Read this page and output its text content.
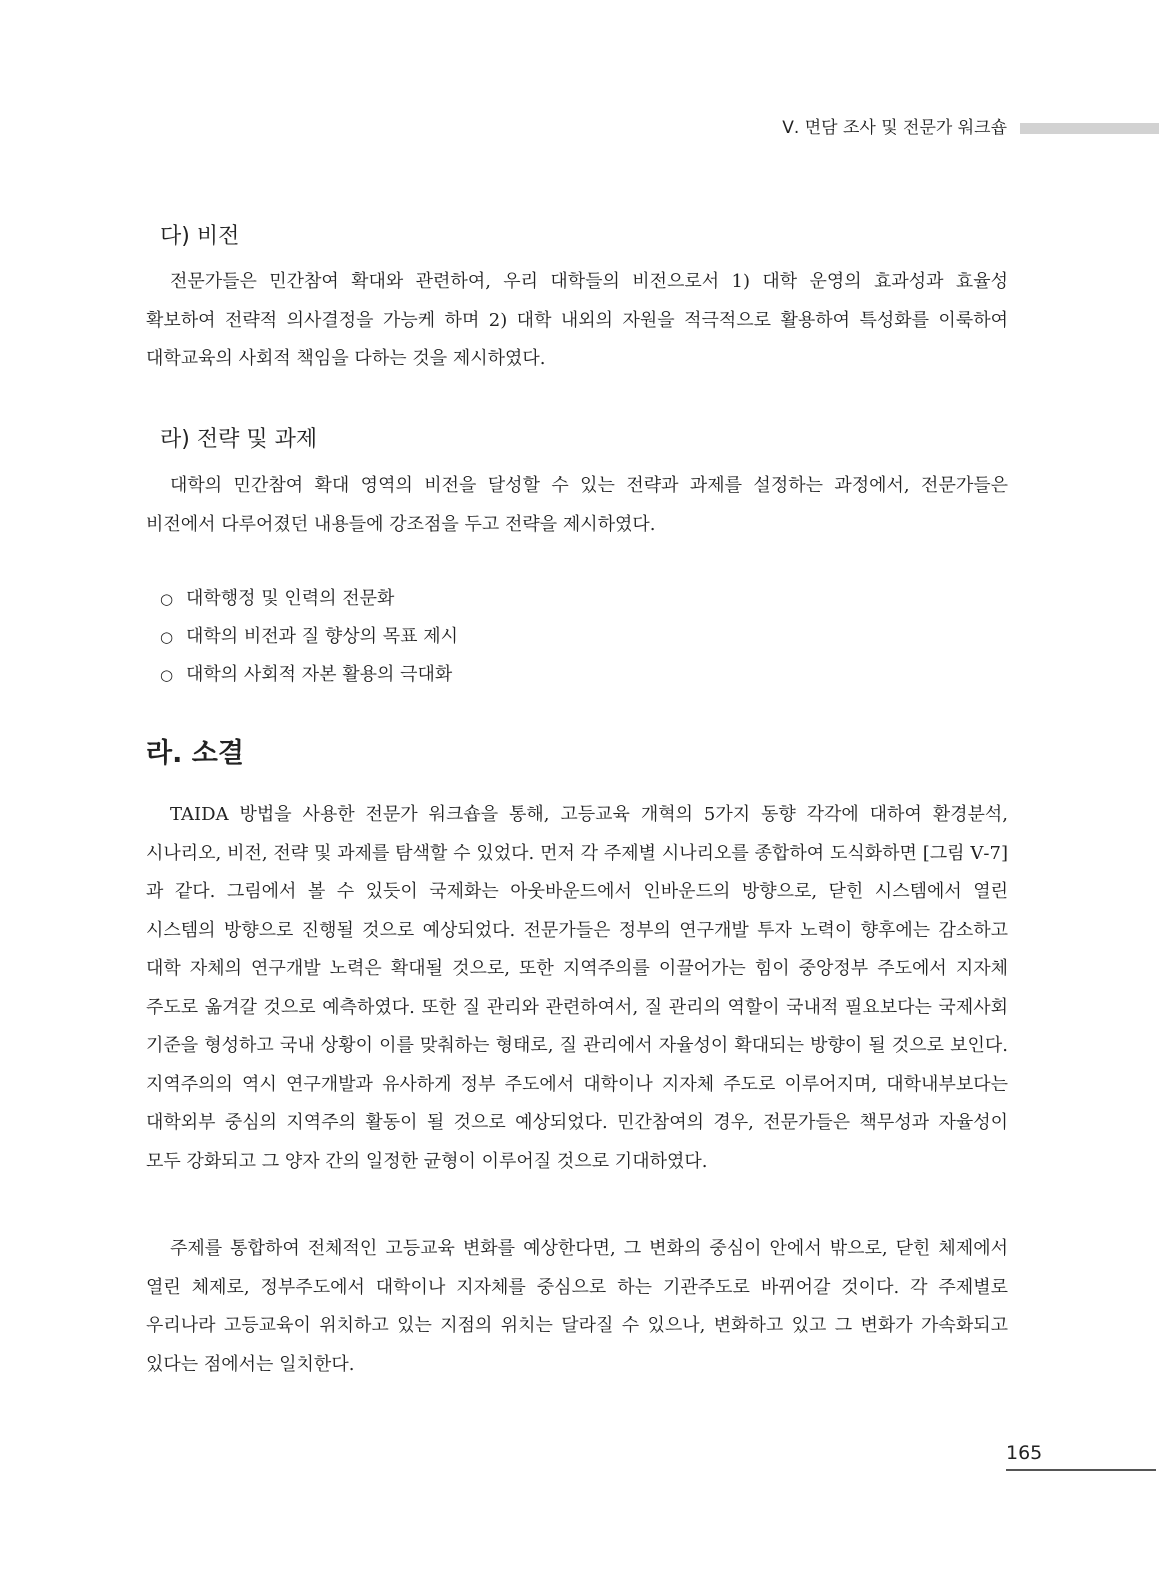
Ⅴ. 면담 조사 및 전문가 워크숍
다) 비전

전문가들은 민간참여 확대와 관련하여, 우리 대학들의 비전으로서 1) 대학 운영의 효과성과 효율성 확보하여 전략적 의사결정을 가능케 하며 2) 대학 내외의 자원을 적극적으로 활용하여 특성화를 이룩하여 대학교육의 사회적 책임을 다하는 것을 제시하였다.

라) 전략 및 과제

대학의 민간참여 확대 영역의 비전을 달성할 수 있는 전략과 과제를 설정하는 과정에서, 전문가들은 비전에서 다루어졌던 내용들에 강조점을 두고 전략을 제시하였다.

○ 대학행정 및 인력의 전문화
○ 대학의 비전과 질 향상의 목표 제시
○ 대학의 사회적 자본 활용의 극대화
라. 소결

TAIDA 방법을 사용한 전문가 워크숍을 통해, 고등교육 개혁의 5가지 동향 각각에 대하여 환경분석, 시나리오, 비전, 전략 및 과제를 탐색할 수 있었다. 먼저 각 주제별 시나리오를 종합하여 도식화하면 [그림 Ⅴ-7]과 같다. 그림에서 볼 수 있듯이 국제화는 아웃바운드에서 인바운드의 방향으로, 닫힌 시스템에서 열린 시스템의 방향으로 진행될 것으로 예상되었다. 전문가들은 정부의 연구개발 투자 노력이 향후에는 감소하고 대학 자체의 연구개발 노력은 확대될 것으로, 또한 지역주의를 이끌어가는 힘이 중앙정부 주도에서 지자체 주도로 옮겨갈 것으로 예측하였다. 또한 질 관리와 관련하여서, 질 관리의 역할이 국내적 필요보다는 국제사회 기준을 형성하고 국내 상황이 이를 맞춰하는 형태로, 질 관리에서 자율성이 확대되는 방향이 될 것으로 보인다. 지역주의의 역시 연구개발과 유사하게 정부 주도에서 대학이나 지자체 주도로 이루어지며, 대학내부보다는 대학외부 중심의 지역주의 활동이 될 것으로 예상되었다. 민간참여의 경우, 전문가들은 책무성과 자율성이 모두 강화되고 그 양자 간의 일정한 균형이 이루어질 것으로 기대하였다.

주제를 통합하여 전체적인 고등교육 변화를 예상한다면, 그 변화의 중심이 안에서 밖으로, 닫힌 체제에서 열린 체제로, 정부주도에서 대학이나 지자체를 중심으로 하는 기관주도로 바뀌어갈 것이다. 각 주제별로 우리나라 고등교육이 위치하고 있는 지점의 위치는 달라질 수 있으나, 변화하고 있고 그 변화가 가속화되고 있다는 점에서는 일치한다.

165
